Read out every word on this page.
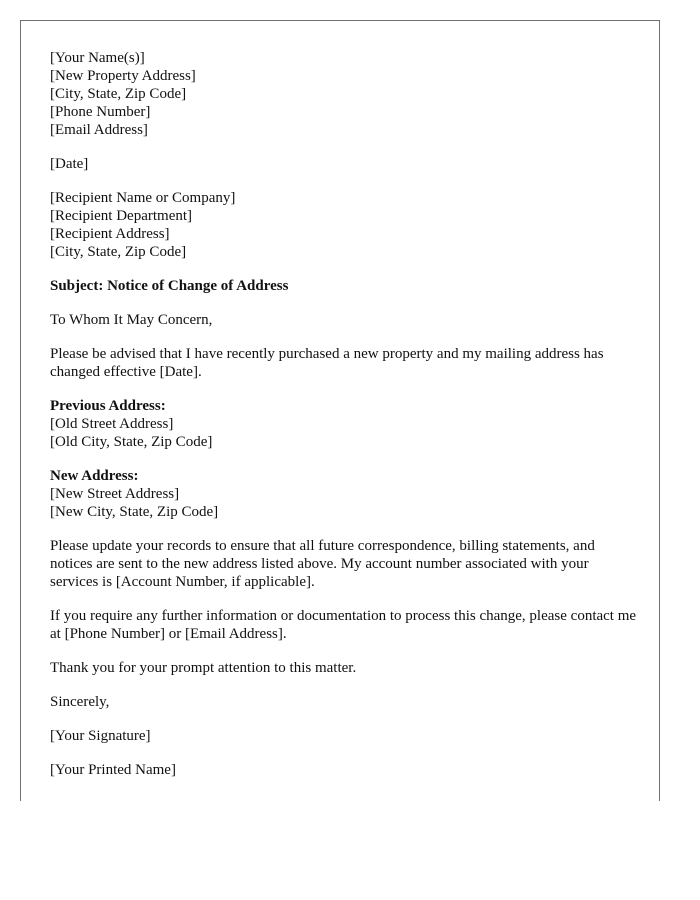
[Your Name(s)]
[New Property Address]
[City, State, Zip Code]
[Phone Number]
[Email Address]
[Date]
[Recipient Name or Company]
[Recipient Department]
[Recipient Address]
[City, State, Zip Code]
Subject: Notice of Change of Address
To Whom It May Concern,
Please be advised that I have recently purchased a new property and my mailing address has changed effective [Date].
Previous Address:
[Old Street Address]
[Old City, State, Zip Code]
New Address:
[New Street Address]
[New City, State, Zip Code]
Please update your records to ensure that all future correspondence, billing statements, and notices are sent to the new address listed above. My account number associated with your services is [Account Number, if applicable].
If you require any further information or documentation to process this change, please contact me at [Phone Number] or [Email Address].
Thank you for your prompt attention to this matter.
Sincerely,
[Your Signature]
[Your Printed Name]
